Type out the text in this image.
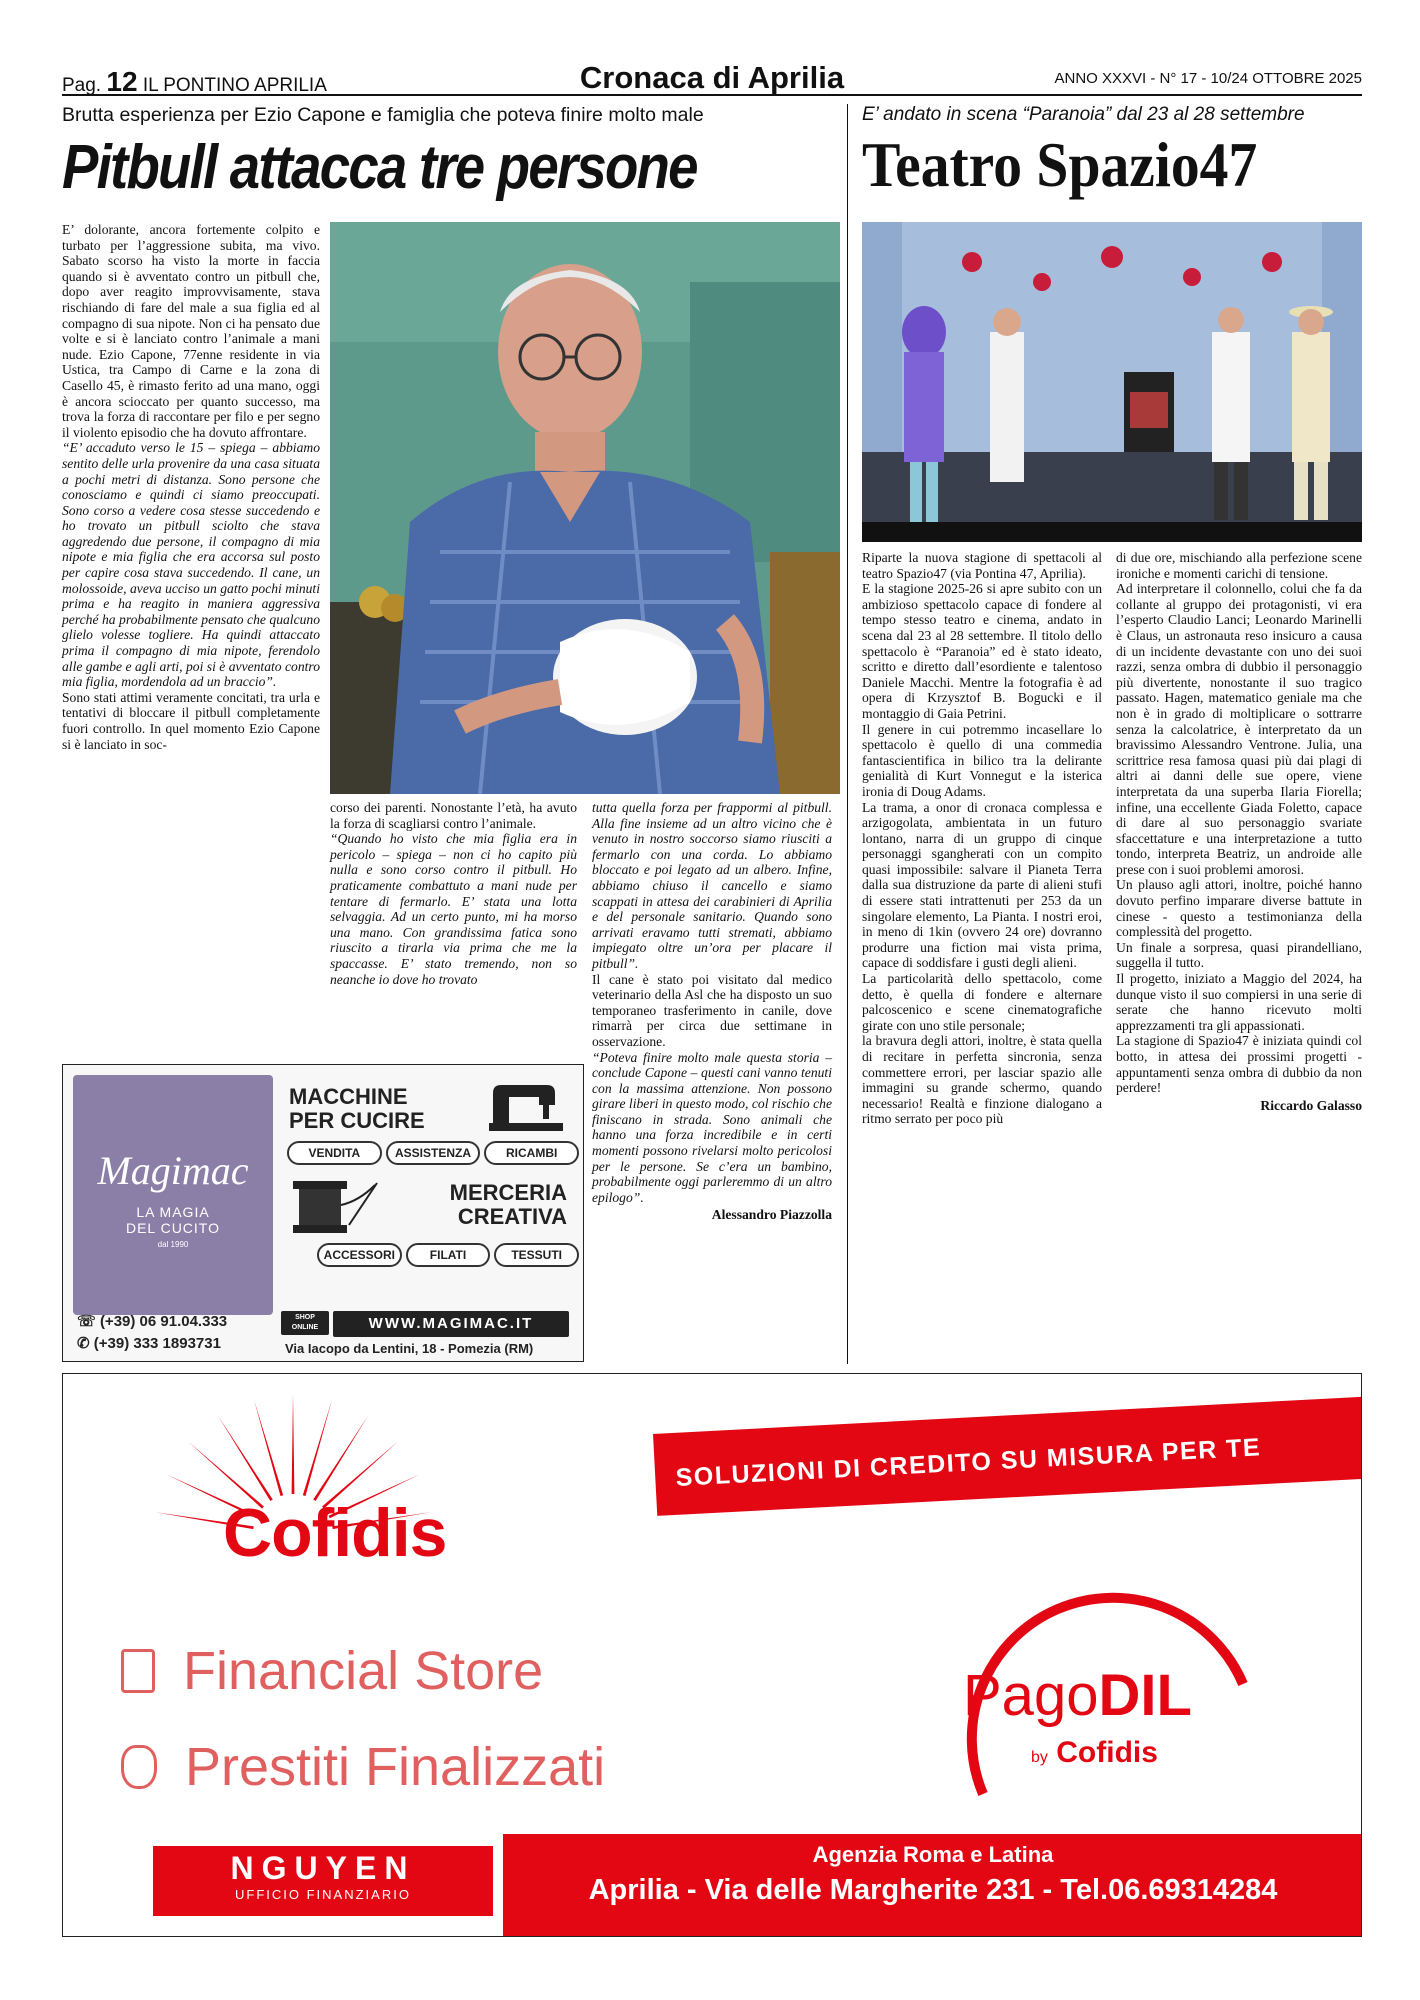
Pag. 12 IL PONTINO APRILIA	Cronaca di Aprilia	ANNO XXXVI - N° 17 - 10/24 OTTOBRE 2025
Brutta esperienza per Ezio Capone e famiglia che poteva finire molto male
Pitbull attacca tre persone

E’ dolorante, ancora fortemente colpito e turbato per l’aggressione subita, ma vivo. Sabato scorso ha visto la morte in faccia quando si è avventato contro un pitbull che, dopo aver reagito improvvisamente, stava rischiando di fare del male a sua figlia ed al compagno di sua nipote. Non ci ha pensato due volte e si è lanciato contro l’animale a mani nude. Ezio Capone, 77enne residente in via Ustica, tra Campo di Carne e la zona di Casello 45, è rimasto ferito ad una mano, oggi è ancora scioccato per quanto successo, ma trova la forza di raccontare per filo e per segno il violento episodio che ha dovuto affrontare.

“E’ accaduto verso le 15 – spiega – abbiamo sentito delle urla provenire da una casa situata a pochi metri di distanza. Sono persone che conosciamo e quindi ci siamo preoccupati. Sono corso a vedere cosa stesse succedendo e ho trovato un pitbull sciolto che stava aggredendo due persone, il compagno di mia nipote e mia figlia che era accorsa sul posto per capire cosa stava succedendo. Il cane, un molossoide, aveva ucciso un gatto pochi minuti prima e ha reagito in maniera aggressiva perché ha probabilmente pensato che qualcuno glielo volesse togliere. Ha quindi attaccato prima il compagno di mia nipote, ferendolo alle gambe e agli arti, poi si è avventato contro mia figlia, mordendola ad un braccio”.

Sono stati attimi veramente concitati, tra urla e tentativi di bloccare il pitbull completamente fuori controllo. In quel momento Ezio Capone si è lanciato in soc-

corso dei parenti. Nonostante l’età, ha avuto la forza di scagliarsi contro l’animale.

“Quando ho visto che mia figlia era in pericolo – spiega – non ci ho capito più nulla e sono corso contro il pitbull. Ho praticamente combattuto a mani nude per tentare di fermarlo. E’ stata una lotta selvaggia. Ad un certo punto, mi ha morso una mano. Con grandissima fatica sono riuscito a tirarla via prima che me la spaccasse. E’ stato tremendo, non so neanche io dove ho trovato

tutta quella forza per frappormi al pitbull. Alla fine insieme ad un altro vicino che è venuto in nostro soccorso siamo riusciti a fermarlo con una corda. Lo abbiamo bloccato e poi legato ad un albero. Infine, abbiamo chiuso il cancello e siamo scappati in attesa dei carabinieri di Aprilia e del personale sanitario. Quando sono arrivati eravamo tutti stremati, abbiamo impiegato oltre un’ora per placare il pitbull”.

Il cane è stato poi visitato dal medico veterinario della Asl che ha disposto un suo temporaneo trasferimento in canile, dove rimarrà per circa due settimane in osservazione.

“Poteva finire molto male questa storia – conclude Capone – questi cani vanno tenuti con la massima attenzione. Non possono girare liberi in questo modo, col rischio che finiscano in strada. Sono animali che hanno una forza incredibile e in certi momenti possono rivelarsi molto pericolosi per le persone. Se c’era un bambino, probabilmente oggi parleremmo di un altro epilogo”.

Alessandro Piazzolla
Magimac
LA MAGIA
DEL CUCITO
dal 1990
MACCHINE
PER CUCIRE
VENDITA	ASSISTENZA	RICAMBI
MERCERIA
CREATIVA
ACCESSORI	FILATI	TESSUTI
☏ (+39) 06 91.04.333
✆ (+39) 333 1893731
SHOP
ONLINE	WWW.MAGIMAC.IT
Via Iacopo da Lentini, 18 - Pomezia (RM)
E’ andato in scena “Paranoia” dal 23 al 28 settembre
Teatro Spazio47

Riparte la nuova stagione di spettacoli al teatro Spazio47 (via Pontina 47, Aprilia).

E la stagione 2025-26 si apre subito con un ambizioso spettacolo capace di fondere al tempo stesso teatro e cinema, andato in scena dal 23 al 28 settembre. Il titolo dello spettacolo è “Paranoia” ed è stato ideato, scritto e diretto dall’esordiente e talentoso Daniele Macchi. Mentre la fotografia è ad opera di Krzysztof B. Bogucki e il montaggio di Gaia Petrini.

Il genere in cui potremmo incasellare lo spettacolo è quello di una commedia fantascientifica in bilico tra la delirante genialità di Kurt Vonnegut e la isterica ironia di Doug Adams.

La trama, a onor di cronaca complessa e arzigogolata, ambientata in un futuro lontano, narra di un gruppo di cinque personaggi sgangherati con un compito quasi impossibile: salvare il Pianeta Terra dalla sua distruzione da parte di alieni stufi di essere stati intrattenuti per 253 da un singolare elemento, La Pianta. I nostri eroi, in meno di 1kin (ovvero 24 ore) dovranno produrre una fiction mai vista prima, capace di soddisfare i gusti degli alieni.

La particolarità dello spettacolo, come detto, è quella di fondere e alternare palcoscenico e scene cinematografiche girate con uno stile personale;

la bravura degli attori, inoltre, è stata quella di recitare in perfetta sincronia, senza commettere errori, per lasciar spazio alle immagini su grande schermo, quando necessario! Realtà e finzione dialogano a ritmo serrato per poco più

di due ore, mischiando alla perfezione scene ironiche e momenti carichi di tensione.

Ad interpretare il colonnello, colui che fa da collante al gruppo dei protagonisti, vi era l’esperto Claudio Lanci; Leonardo Marinelli è Claus, un astronauta reso insicuro a causa di un incidente devastante con uno dei suoi razzi, senza ombra di dubbio il personaggio più divertente, nonostante il suo tragico passato. Hagen, matematico geniale ma che non è in grado di moltiplicare o sottrarre senza la calcolatrice, è interpretato da un bravissimo Alessandro Ventrone. Julia, una scrittrice resa famosa quasi più dai plagi di altri ai danni delle sue opere, viene interpretata da una superba Ilaria Fiorella; infine, una eccellente Giada Foletto, capace di dare al suo personaggio svariate sfaccettature e una interpretazione a tutto tondo, interpreta Beatriz, un androide alle prese con i suoi problemi amorosi.

Un plauso agli attori, inoltre, poiché hanno dovuto perfino imparare diverse battute in cinese - questo a testimonianza della complessità del progetto.

Un finale a sorpresa, quasi pirandelliano, suggella il tutto.

Il progetto, iniziato a Maggio del 2024, ha dunque visto il suo compiersi in una serie di serate che hanno ricevuto molti apprezzamenti tra gli appassionati.

La stagione di Spazio47 è iniziata quindi col botto, in attesa dei prossimi progetti - appuntamenti senza ombra di dubbio da non perdere!

Riccardo Galasso
Cofidis
SOLUZIONI DI CREDITO SU MISURA PER TE
Financial Store
Prestiti Finalizzati
PagoDIL
by Cofidis
Agenzia Roma e Latina
Aprilia - Via delle Margherite 231 - Tel.06.69314284
NGUYEN
UFFICIO FINANZIARIO
